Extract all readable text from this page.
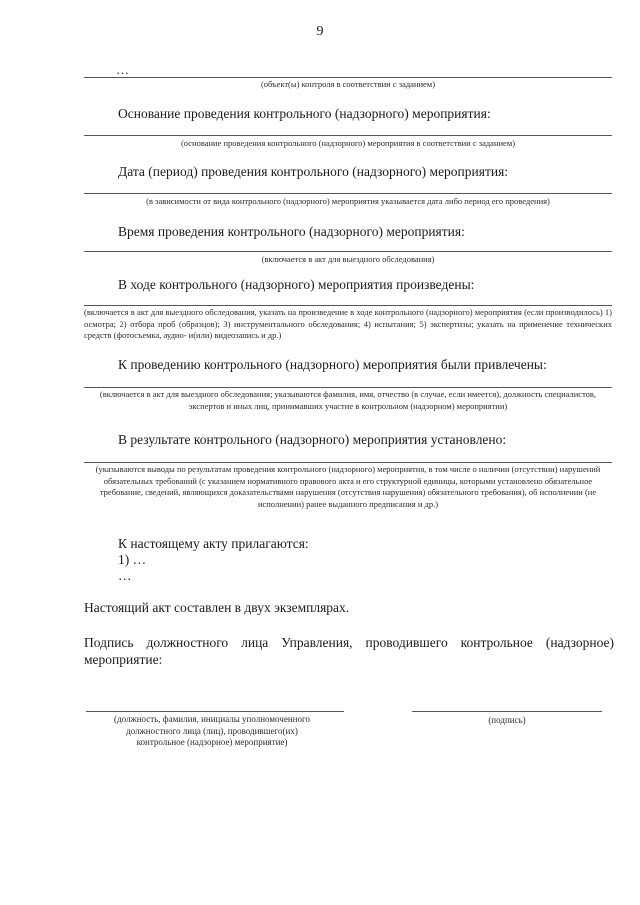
9
…
(объект(ы) контроля в соответствии с заданием)
Основание проведения контрольного (надзорного) мероприятия:
(основание проведения контрольного (надзорного) мероприятия в соответствии с заданием)
Дата (период) проведения контрольного (надзорного) мероприятия:
(в зависимости от вида контрольного (надзорного) мероприятия указывается дата либо период его проведения)
Время проведения контрольного (надзорного) мероприятия:
(включается в акт для выездного обследования)
В ходе контрольного (надзорного) мероприятия произведены:
(включается в акт для выездного обследования, указать на произведение в ходе контрольного (надзорного) мероприятия (если производилось) 1) осмотра; 2) отбора проб (образцов); 3) инструментального обследования; 4) испытания; 5) экспертизы; указать на применение технических средств (фотосъемка, аудио- и(или) видеозапись и др.)
К проведению контрольного (надзорного) мероприятия были привлечены:
(включается в акт для выездного обследования; указываются фамилия, имя, отчество (в случае, если имеется), должность специалистов, экспертов и иных лиц, принимавших участие в контрольном (надзорном) мероприятии)
В результате контрольного (надзорного) мероприятия установлено:
(указываются выводы по результатам проведения контрольного (надзорного) мероприятия, в том числе о наличии (отсутствии) нарушений обязательных требований (с указанием нормативного правового акта и его структурной единицы, которыми установлено обязательное требование, сведений, являющихся доказательствами нарушения (отсутствия нарушения) обязательного требования), об исполнении (не исполнении) ранее выданного предписания и др.)
К настоящему акту прилагаются:
1) …
…
Настоящий акт составлен в двух экземплярах.
Подпись должностного лица Управления, проводившего контрольное (надзорное) мероприятие:
(должность, фамилия, инициалы уполномоченного должностного лица (лиц), проводившего(их) контрольное (надзорное) мероприятие)
(подпись)
